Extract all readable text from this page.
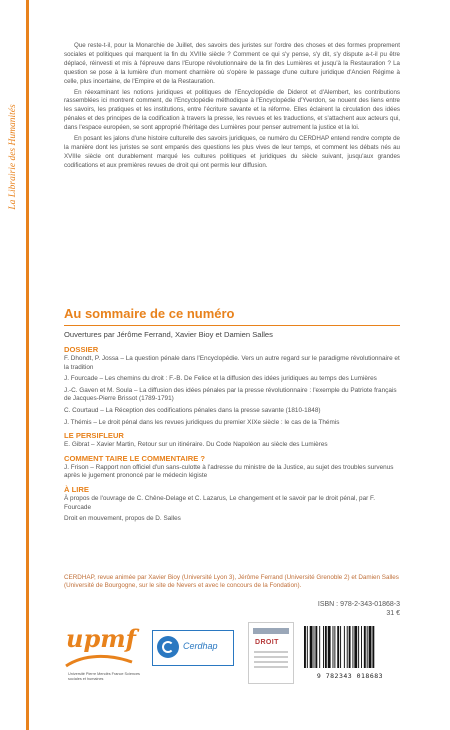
La Librairie des Humanités

Que reste-t-il, pour la Monarchie de Juillet, des savoirs des juristes sur l'ordre des choses et des formes proprement sociales et politiques qui marquent la fin du XVIIIe siècle ? Comment ce qui s'y pense, s'y dit, s'y dispute a-t-il pu être déplacé, réinvesti et mis à l'épreuve dans l'Europe révolutionnaire de la fin des Lumières et jusqu'à la Restauration ? La question se pose à la lumière d'un moment charnière où s'opère le passage d'une culture juridique d'Ancien Régime à celle, plus incertaine, de l'Empire et de la Restauration.

En réexaminant les notions juridiques et politiques de l'Encyclopédie de Diderot et d'Alembert, les contributions rassemblées ici montrent comment, de l'Encyclopédie méthodique à l'Encyclopédie d'Yverdon, se nouent des liens entre les savoirs, les pratiques et les institutions, entre l'écriture savante et la réforme. Elles éclairent la circulation des idées pénales et des principes de la codification à travers la presse, les revues et les traductions, et s'attachent aux acteurs qui, dans l'espace européen, se sont approprié l'héritage des Lumières pour penser autrement la justice et la loi.

En posant les jalons d'une histoire culturelle des savoirs juridiques, ce numéro du CERDHAP entend rendre compte de la manière dont les juristes se sont emparés des questions les plus vives de leur temps, et comment les débats nés au XVIIIe siècle ont durablement marqué les cultures politiques et juridiques du siècle suivant, jusqu'aux grandes codifications et aux premières revues de droit qui ont permis leur diffusion.

Au sommaire de ce numéro
Ouvertures par Jérôme Ferrand, Xavier Bioy et Damien Salles
DOSSIER
F. Dhondt, P. Jossa – La question pénale dans l'Encyclopédie. Vers un autre regard sur le paradigme révolutionnaire et la tradition
J. Fourcade – Les chemins du droit : F.-B. De Felice et la diffusion des idées juridiques au temps des Lumières
J.-C. Gaven et M. Soula – La diffusion des idées pénales par la presse révolutionnaire : l'exemple du Patriote français de Jacques-Pierre Brissot (1789-1791)
C. Courtaud – La Réception des codifications pénales dans la presse savante (1810-1848)
J. Thémis – Le droit pénal dans les revues juridiques du premier XIXe siècle : le cas de la Thémis
LE PERSIFLEUR
E. Gibrat – Xavier Martin, Retour sur un itinéraire. Du Code Napoléon au siècle des Lumières
COMMENT TAIRE LE COMMENTAIRE ?
J. Frison – Rapport non officiel d'un sans-culotte à l'adresse du ministre de la Justice, au sujet des troubles survenus après le jugement prononcé par le médecin légiste
À LIRE
À propos de l'ouvrage de C. Chêne-Delage et C. Lazarus, Le changement et le savoir par le droit pénal, par F. Fourcade
Droit en mouvement, propos de D. Salles
CERDHAP, revue animée par Xavier Bioy (Université Lyon 3), Jérôme Ferrand (Université Grenoble 2) et Damien Salles (Université de Bourgogne, sur le site de Nevers et avec le concours de la Fondation).
ISBN : 978-2-343-01868-3
31 €
upmf
Université Pierre Mendès France Sciences sociales et humaines
Cerdhap	DROIT
9 782343 018683
